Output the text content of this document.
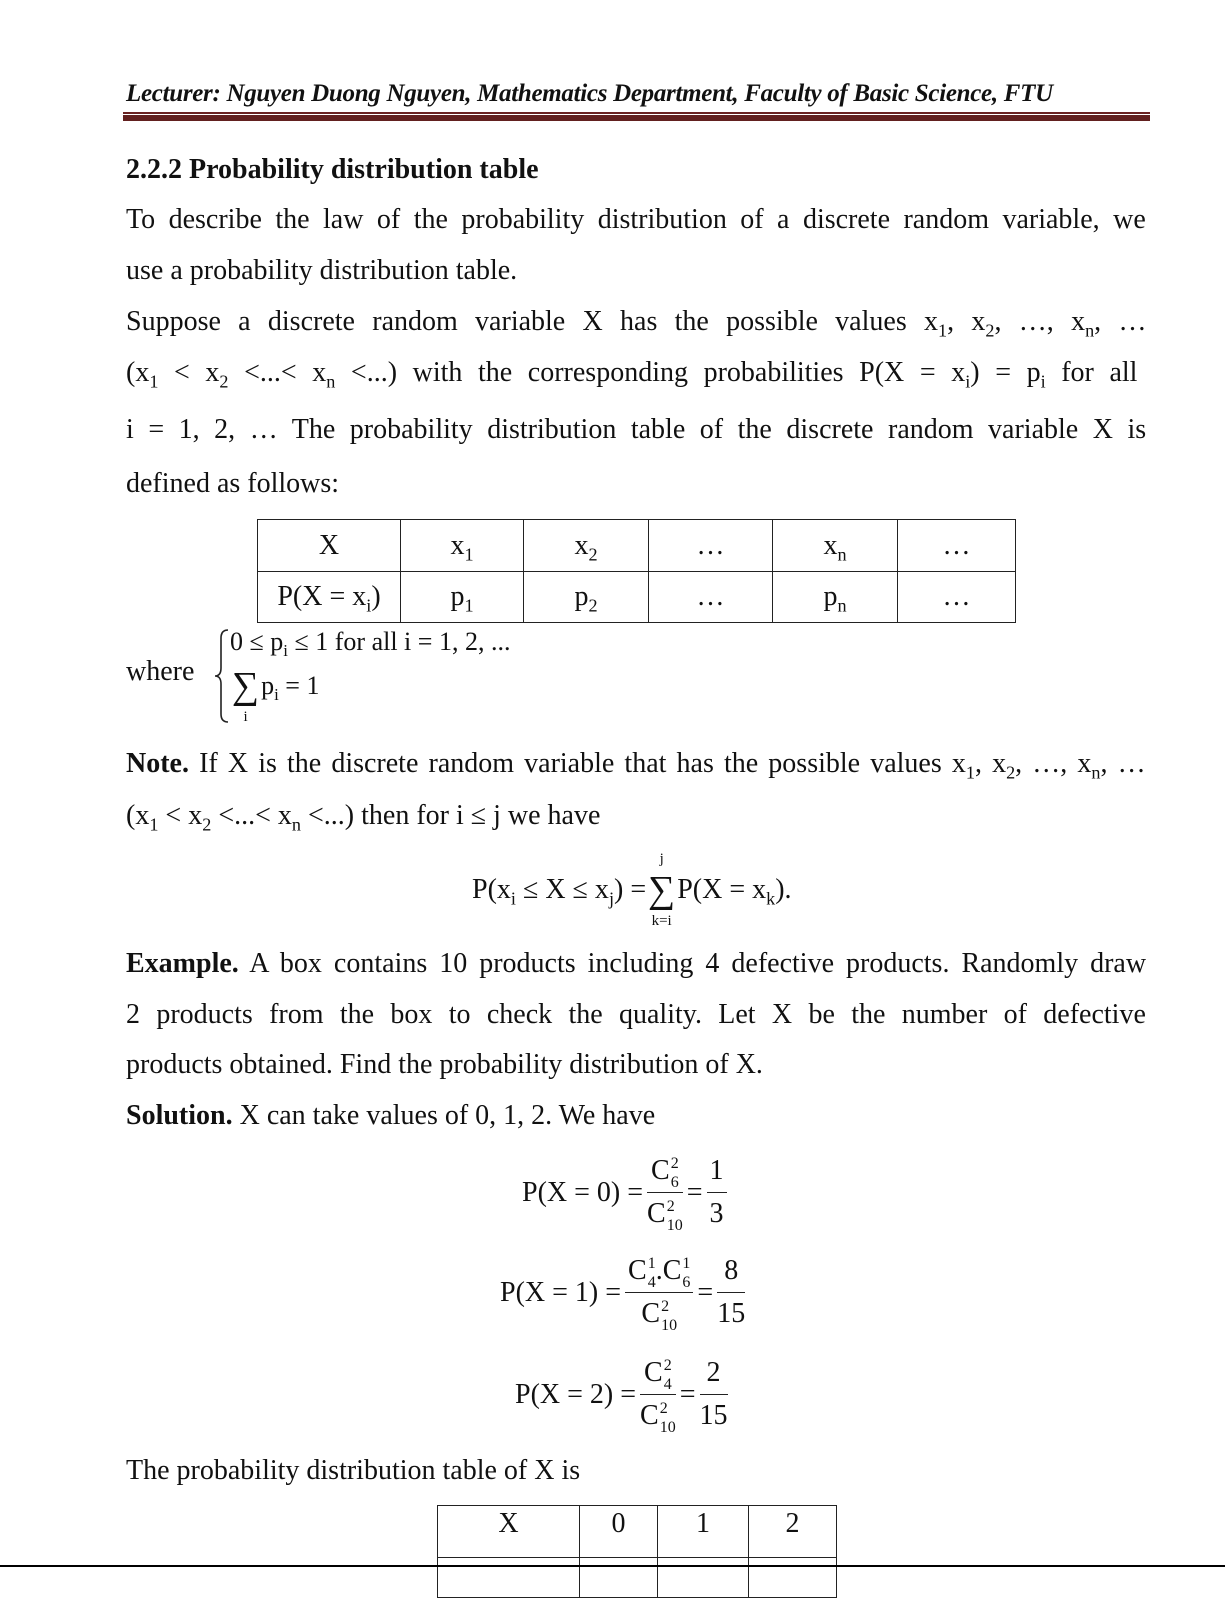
Lecturer: Nguyen Duong Nguyen, Mathematics Department, Faculty of Basic Science, FTU
2.2.2 Probability distribution table
To describe the law of the probability distribution of a discrete random variable, we
use a probability distribution table.
Suppose a discrete random variable X has the possible values $x_1$, $x_2$, …, $x_n$, …
($x_1 < x_2$ <...< $x_n$ <...) with the corresponding probabilities $P(X = x_i) = p_i$ for all
i = 1, 2, … The probability distribution table of the discrete random variable X is
defined as follows:
X	$x_1$	$x_2$	…	$x_n$	…
$P(X = x_i)$	$p_1$	$p_2$	…	$p_n$	…
where
$0 \le p_i \le 1$ for all i = 1, 2, ...
∑
i
$p_i = 1$
Note. If X is the discrete random variable that has the possible values $x_1$, $x_2$, …, $x_n$, …
($x_1 < x_2$ <...< $x_n$ <...) then for i ≤ j we have
$P(x_i \le X \le x_j)$ =
j
∑
k=i
$P(X = x_k)$.
Example. A box contains 10 products including 4 defective products. Randomly draw
2 products from the box to check the quality. Let X be the number of defective
products obtained. Find the probability distribution of X.
Solution. X can take values of 0, 1, 2. We have
P(X = 0) = C 2
6
C 2
$10 = \frac{1}{3}$
P(X = 1) = C 1
4 .C 1
6
C 2
$10 = \frac{8}{15}$
P(X = 2) = C 2
4
C 2
$10 = \frac{2}{15}$
The probability distribution table of X is
X	0	1	2
